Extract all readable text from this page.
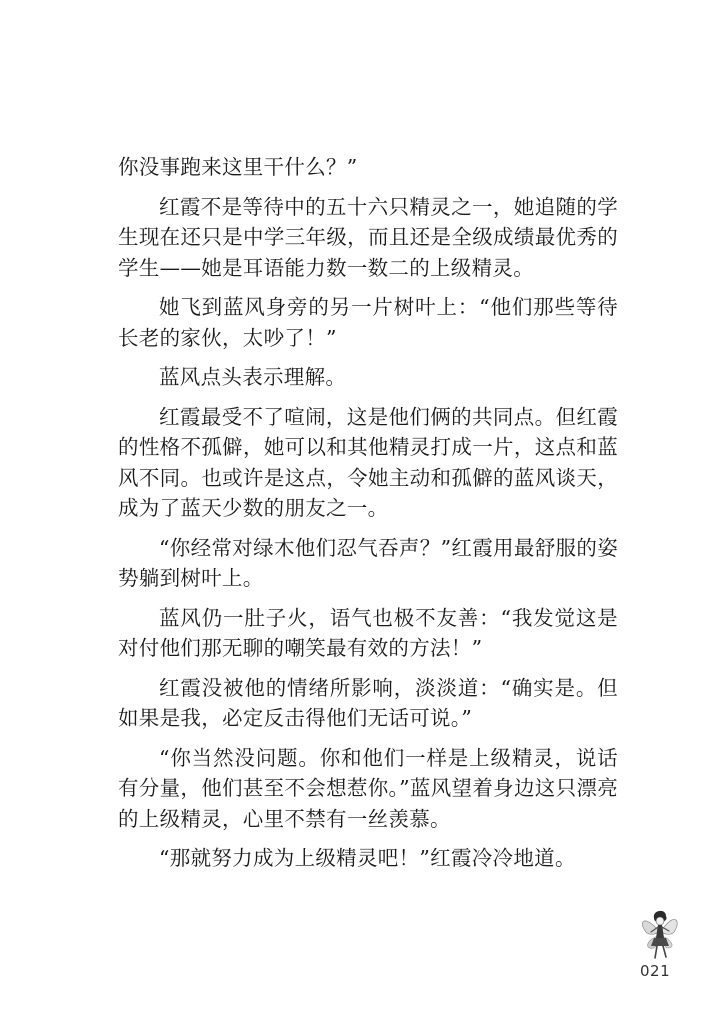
你没事跑来这里干什么？”

红霞不是等待中的五十六只精灵之一，她追随的学生现在还只是中学三年级，而且还是全级成绩最优秀的学生——她是耳语能力数一数二的上级精灵。

她飞到蓝风身旁的另一片树叶上：“他们那些等待长老的家伙，太吵了！”

蓝风点头表示理解。

红霞最受不了喧闹，这是他们俩的共同点。但红霞的性格不孤僻，她可以和其他精灵打成一片，这点和蓝风不同。也或许是这点，令她主动和孤僻的蓝风谈天，成为了蓝天少数的朋友之一。

“你经常对绿木他们忍气吞声？”红霞用最舒服的姿势躺到树叶上。

蓝风仍一肚子火，语气也极不友善：“我发觉这是对付他们那无聊的嘲笑最有效的方法！”

红霞没被他的情绪所影响，淡淡道：“确实是。但如果是我，必定反击得他们无话可说。”

“你当然没问题。你和他们一样是上级精灵，说话有分量，他们甚至不会想惹你。”蓝风望着身边这只漂亮的上级精灵，心里不禁有一丝羡慕。

“那就努力成为上级精灵吧！”红霞冷冷地道。

021
